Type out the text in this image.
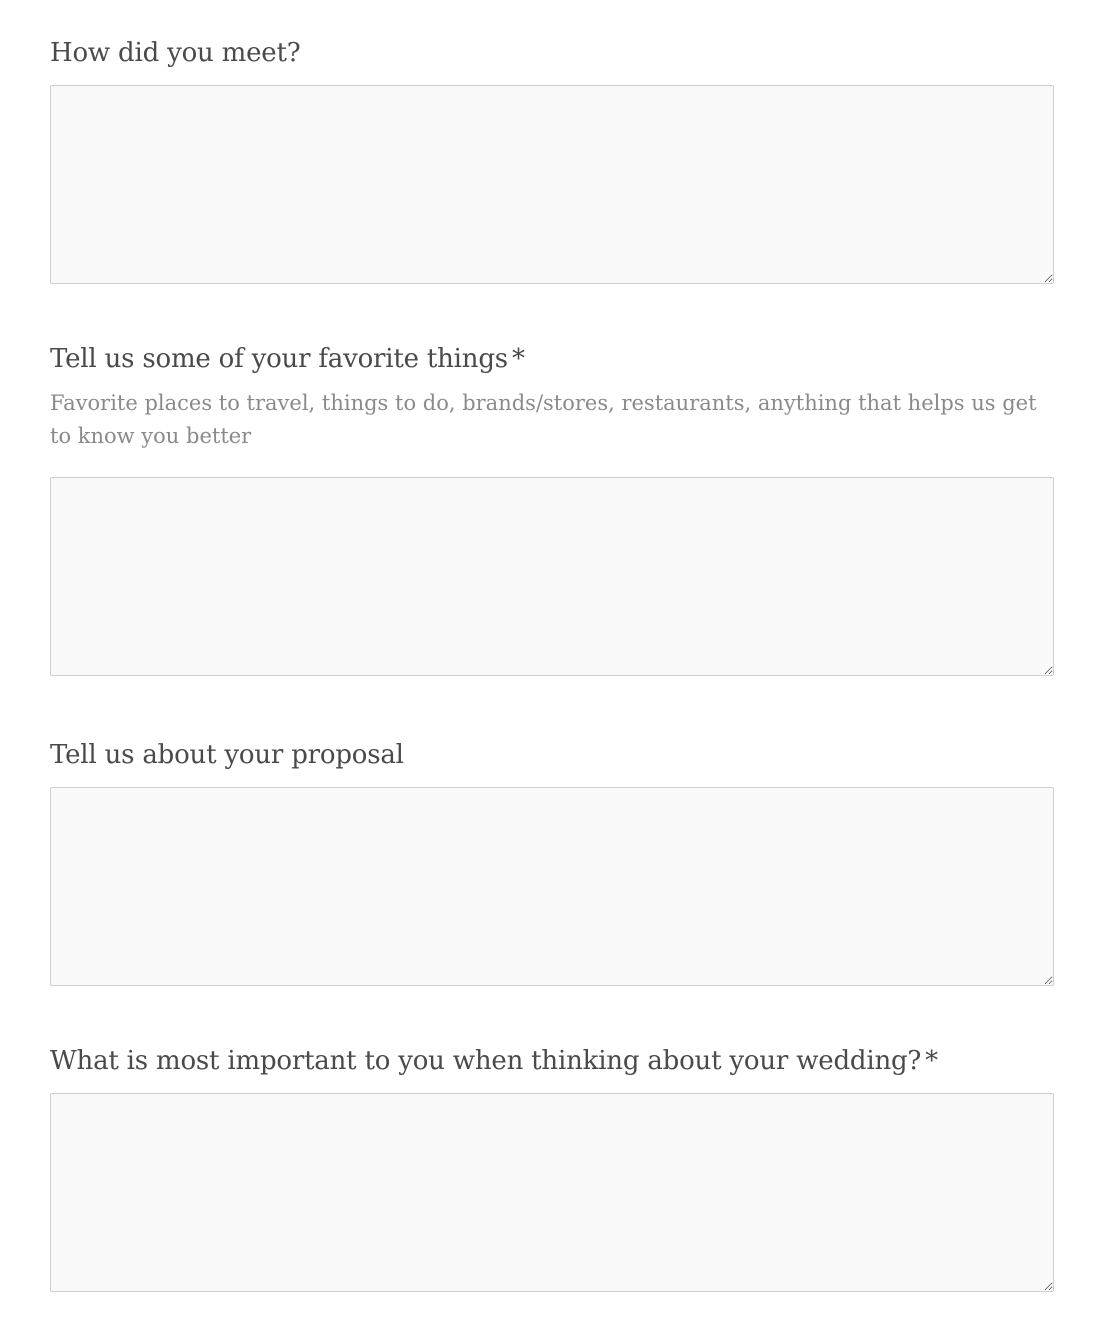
How did you meet?
Tell us some of your favorite things *
Favorite places to travel, things to do, brands/stores, restaurants, anything that helps us get to know you better
Tell us about your proposal
What is most important to you when thinking about your wedding? *
